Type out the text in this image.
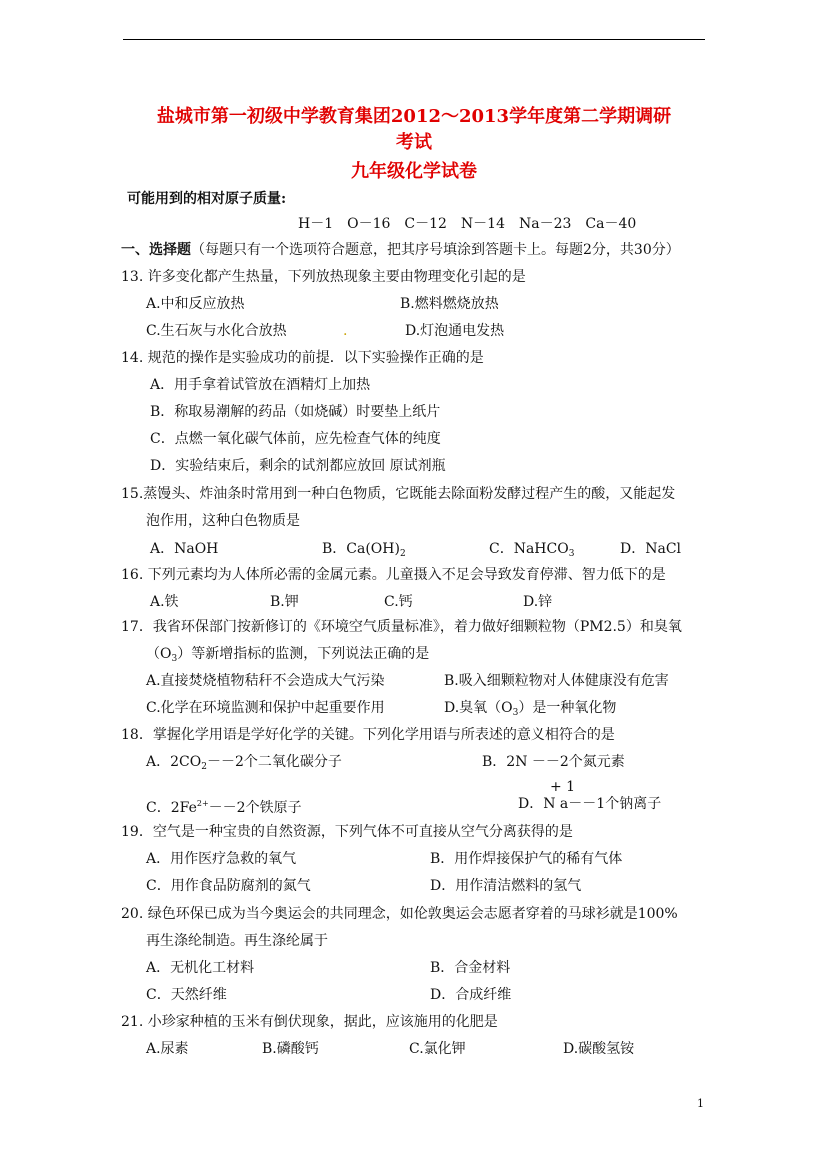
盐城市第一初级中学教育集团2012～2013学年度第二学期调研
考试
九年级化学试卷
可能用到的相对原子质量:
H－1　O－16　C－12　N－14　Na－23　Ca－40
一、选择题（每题只有一个选项符合题意，把其序号填涂到答题卡上。每题2分，共30分）
13. 许多变化都产生热量，下列放热现象主要由物理变化引起的是
A.中和反应放热	B.燃料燃烧放热
C.生石灰与水化合放热	.	D.灯泡通电发热
14. 规范的操作是实验成功的前提．以下实验操作正确的是
A．用手拿着试管放在酒精灯上加热
B．称取易潮解的药品（如烧碱）时要垫上纸片
C．点燃一氧化碳气体前，应先检查气体的纯度
D．实验结束后，剩余的试剂都应放回 原试剂瓶
15.蒸馒头、炸油条时常用到一种白色物质，它既能去除面粉发酵过程产生的酸，又能起发
泡作用，这种白色物质是
A．NaOH	B．$Ca(OH)_2$	C．NaHCO$_3$	D．NaCl
16. 下列元素均为人体所必需的金属元素。儿童摄入不足会导致发育停滞、智力低下的是
A.铁	B.钾	C.钙	D.锌
17．我省环保部门按新修订的《环境空气质量标准》，着力做好细颗粒物（PM2.5）和臭氧
$(O_3)$等新增指标的监测，下列说法正确的是
A.直接焚烧植物秸秆不会造成大气污染	B.吸入细颗粒物对人体健康没有危害
C.化学在环境监测和保护中起重要作用	D.臭氧$(O_3)$是一种氧化物
18．掌握化学用语是学好化学的关键。下列化学用语与所表述的意义相符合的是
A．$2CO_2--2$个二氧化碳分子	B．2N －－2个氮元素
+ 1
C．$2Fe^{2+}--2$个铁原子	D．N a－－1个钠离子
19．空气是一种宝贵的自然资源，下列气体不可直接从空气分离获得的是
A．用作医疗急救的氧气	B．用作焊接保护气的稀有气体
C．用作食品防腐剂的氮气	D．用作清洁燃料的氢气
20. 绿色环保已成为当今奥运会的共同理念，如伦敦奥运会志愿者穿着的马球衫就是100%
再生涤纶制造。再生涤纶属于
A．无机化工材料	B．合金材料
C．天然纤维	D．合成纤维
21. 小珍家种植的玉米有倒伏现象，据此，应该施用的化肥是
A.尿素	B.磷酸钙	C.氯化钾	D.碳酸氢铵
1
